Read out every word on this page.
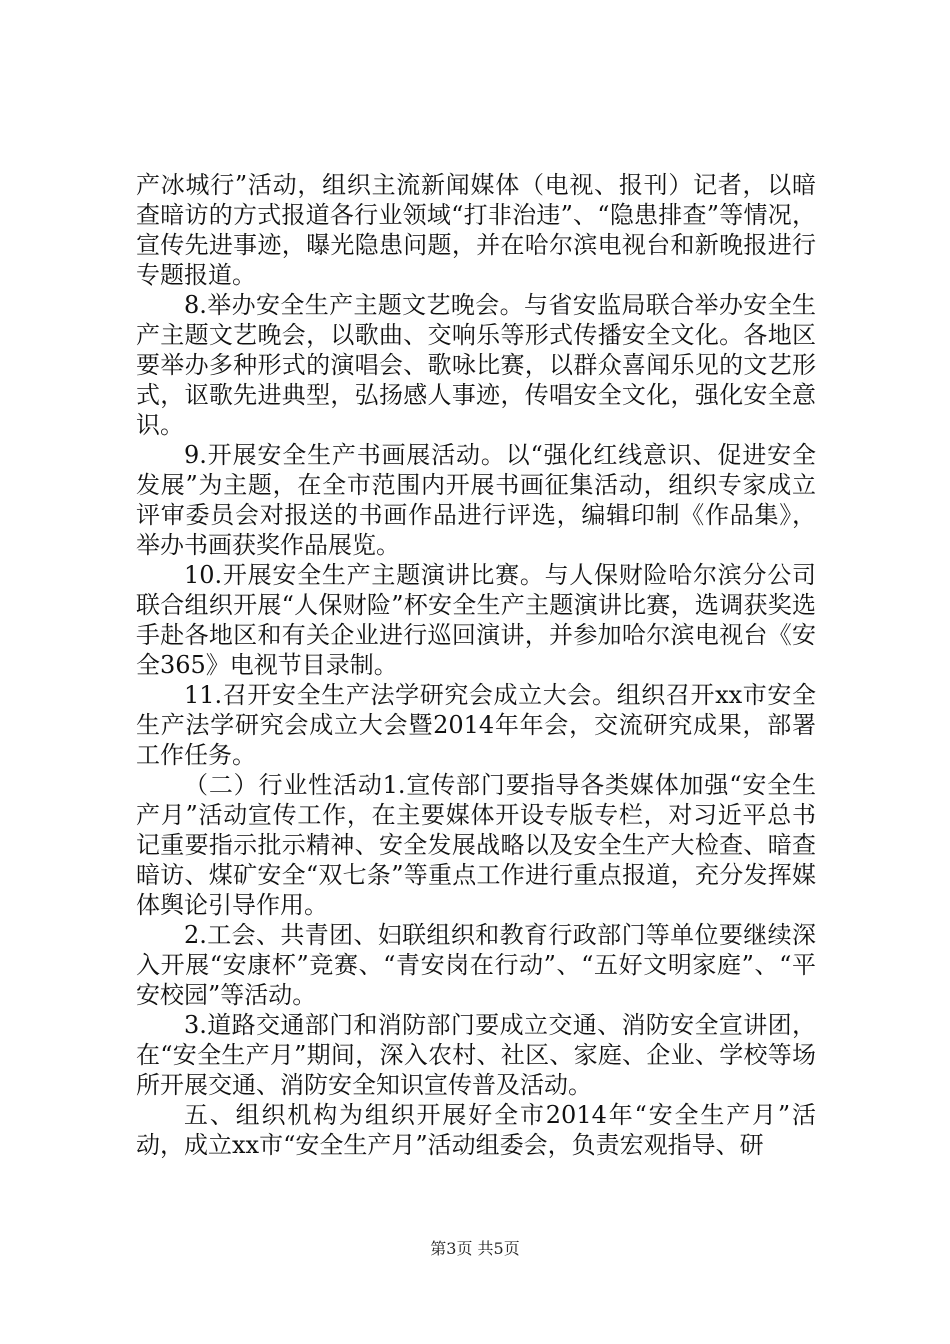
产冰城行”活动，组织主流新闻媒体（电视、报刊）记者，以暗查暗访的方式报道各行业领域“打非治违”、“隐患排查”等情况，宣传先进事迹，曝光隐患问题，并在哈尔滨电视台和新晚报进行专题报道。

8.举办安全生产主题文艺晚会。与省安监局联合举办安全生产主题文艺晚会，以歌曲、交响乐等形式传播安全文化。各地区要举办多种形式的演唱会、歌咏比赛，以群众喜闻乐见的文艺形式，讴歌先进典型，弘扬感人事迹，传唱安全文化，强化安全意识。

9.开展安全生产书画展活动。以“强化红线意识、促进安全发展”为主题，在全市范围内开展书画征集活动，组织专家成立评审委员会对报送的书画作品进行评选，编辑印制《作品集》，举办书画获奖作品展览。

10.开展安全生产主题演讲比赛。与人保财险哈尔滨分公司联合组织开展“人保财险”杯安全生产主题演讲比赛，选调获奖选手赴各地区和有关企业进行巡回演讲，并参加哈尔滨电视台《安全365》电视节目录制。

11.召开安全生产法学研究会成立大会。组织召开xx市安全生产法学研究会成立大会暨2014年年会，交流研究成果，部署工作任务。

（二）行业性活动1.宣传部门要指导各类媒体加强“安全生产月”活动宣传工作，在主要媒体开设专版专栏，对习近平总书记重要指示批示精神、安全发展战略以及安全生产大检查、暗查暗访、煤矿安全“双七条”等重点工作进行重点报道，充分发挥媒体舆论引导作用。

2.工会、共青团、妇联组织和教育行政部门等单位要继续深入开展“安康杯”竞赛、“青安岗在行动”、“五好文明家庭”、“平安校园”等活动。

3.道路交通部门和消防部门要成立交通、消防安全宣讲团，在“安全生产月”期间，深入农村、社区、家庭、企业、学校等场所开展交通、消防安全知识宣传普及活动。

五、组织机构为组织开展好全市2014年“安全生产月”活动，成立xx市“安全生产月”活动组委会，负责宏观指导、研

第3页 共5页
